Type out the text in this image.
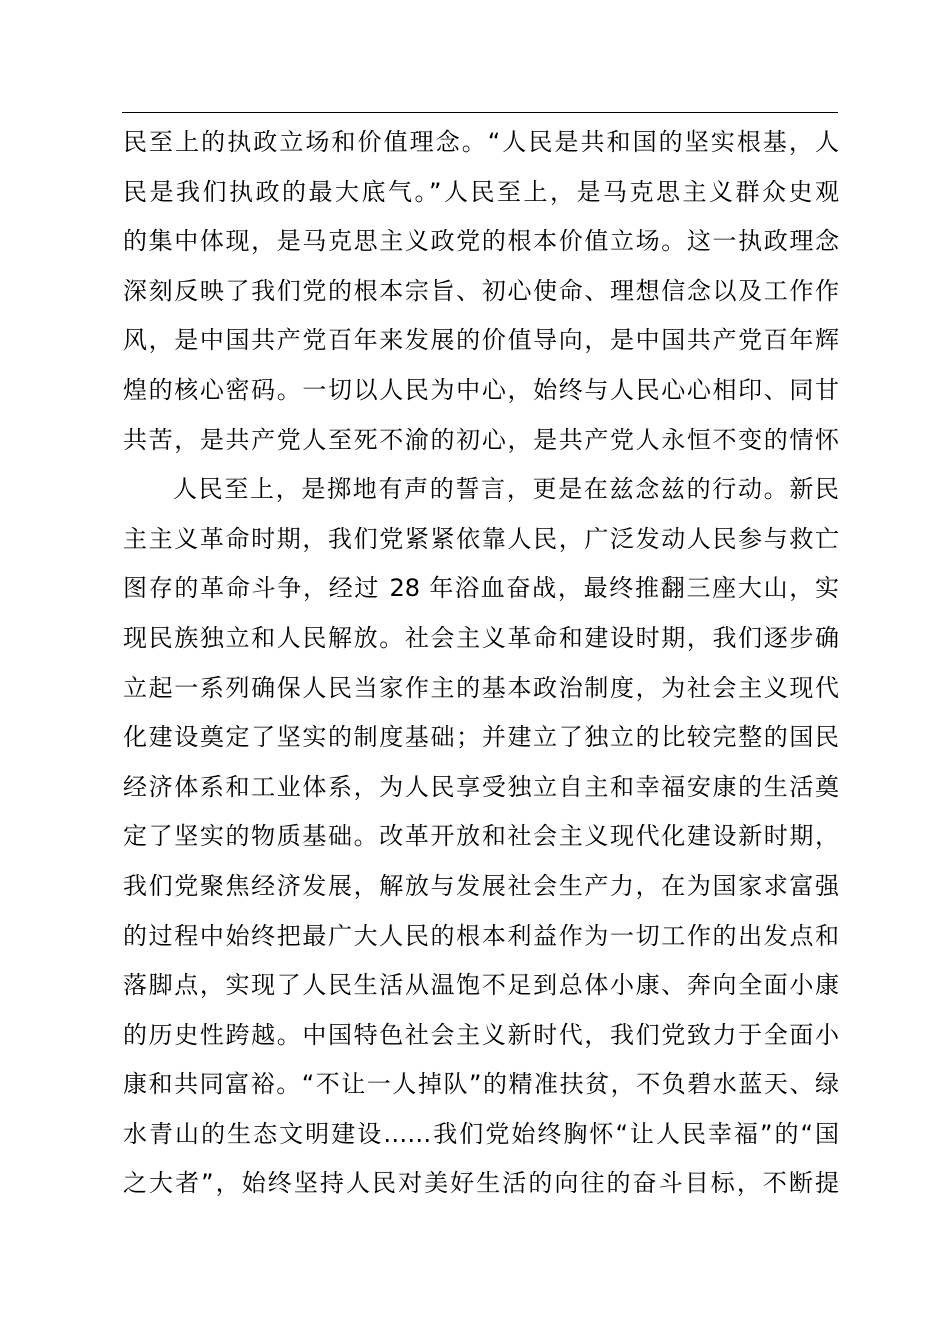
民至上的执政立场和价值理念。“人民是共和国的坚实根基，人
民是我们执政的最大底气。”人民至上，是马克思主义群众史观
的集中体现，是马克思主义政党的根本价值立场。这一执政理念
深刻反映了我们党的根本宗旨、初心使命、理想信念以及工作作
风，是中国共产党百年来发展的价值导向，是中国共产党百年辉
煌的核心密码。一切以人民为中心，始终与人民心心相印、同甘
共苦，是共产党人至死不渝的初心，是共产党人永恒不变的情怀
人民至上，是掷地有声的誓言，更是在兹念兹的行动。新民
主主义革命时期，我们党紧紧依靠人民，广泛发动人民参与救亡
图存的革命斗争，经过 28 年浴血奋战，最终推翻三座大山，实
现民族独立和人民解放。社会主义革命和建设时期，我们逐步确
立起一系列确保人民当家作主的基本政治制度，为社会主义现代
化建设奠定了坚实的制度基础；并建立了独立的比较完整的国民
经济体系和工业体系，为人民享受独立自主和幸福安康的生活奠
定了坚实的物质基础。改革开放和社会主义现代化建设新时期，
我们党聚焦经济发展，解放与发展社会生产力，在为国家求富强
的过程中始终把最广大人民的根本利益作为一切工作的出发点和
落脚点，实现了人民生活从温饱不足到总体小康、奔向全面小康
的历史性跨越。中国特色社会主义新时代，我们党致力于全面小
康和共同富裕。“不让一人掉队”的精准扶贫，不负碧水蓝天、绿
水青山的生态文明建设……我们党始终胸怀“让人民幸福”的“国
之大者”，始终坚持人民对美好生活的向往的奋斗目标，不断提
